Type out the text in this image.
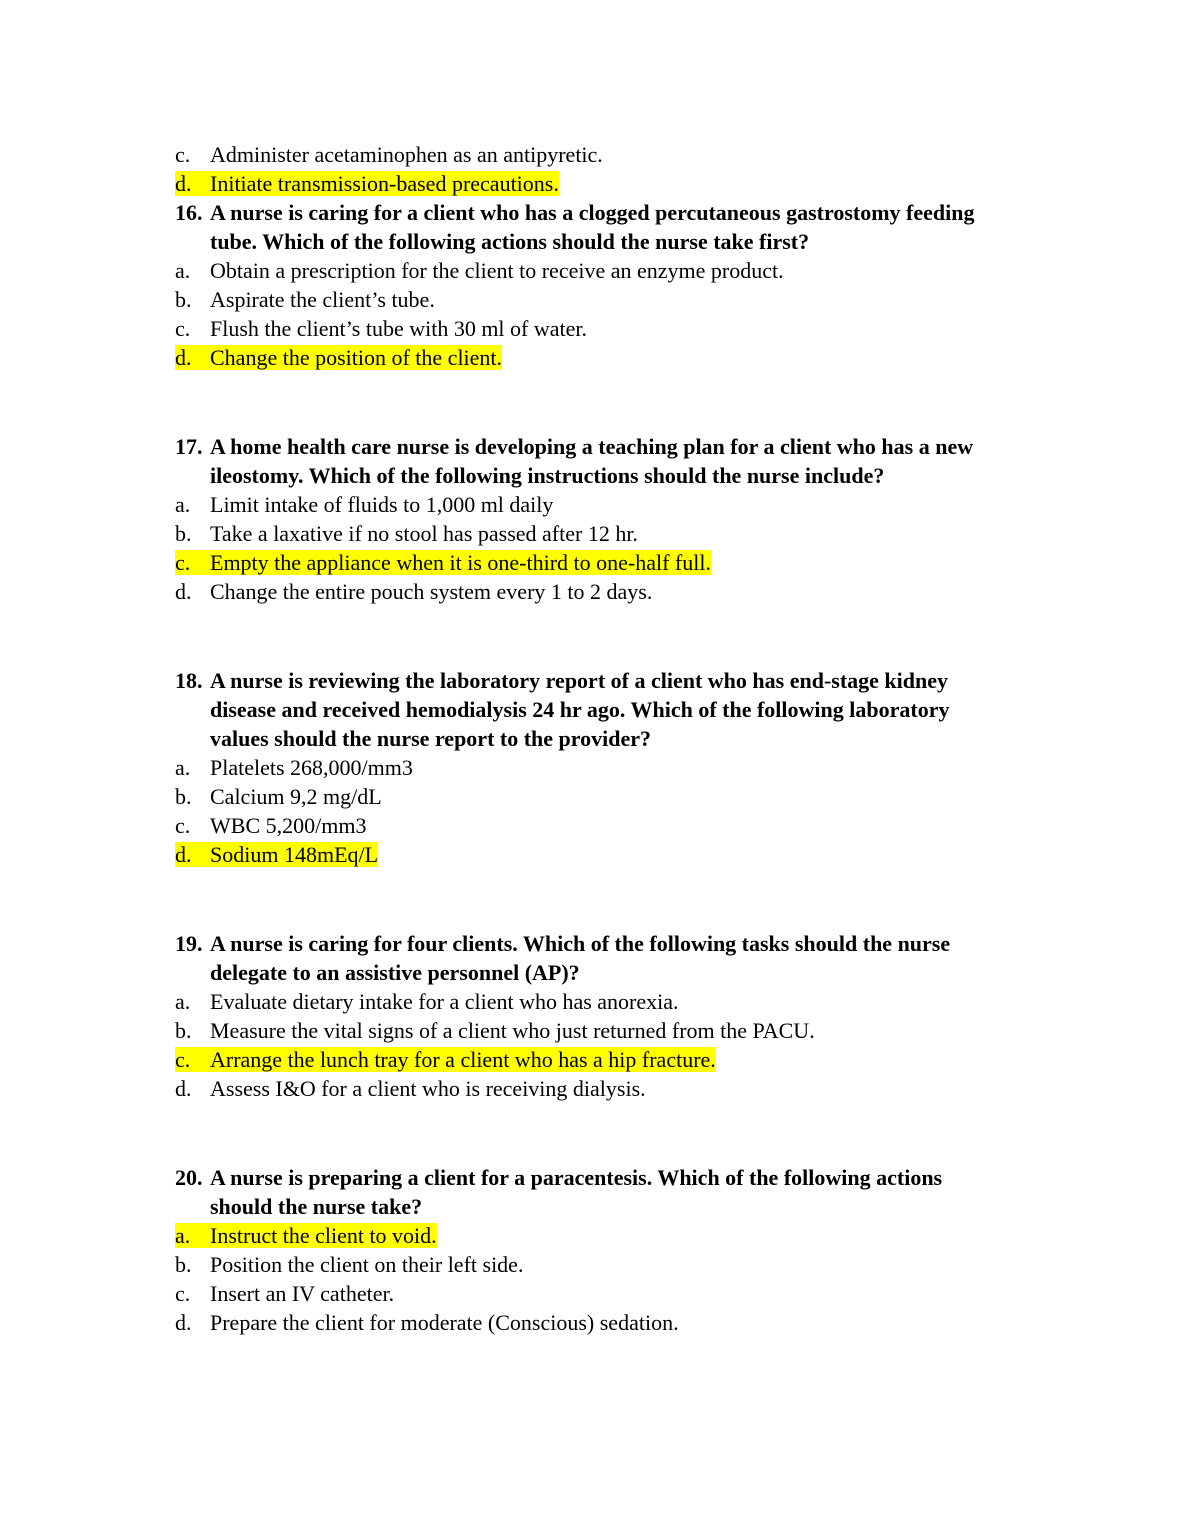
c. Administer acetaminophen as an antipyretic.
d. Initiate transmission-based precautions.
16. A nurse is caring for a client who has a clogged percutaneous gastrostomy feeding
tube. Which of the following actions should the nurse take first?
a. Obtain a prescription for the client to receive an enzyme product.
b. Aspirate the client’s tube.
c. Flush the client’s tube with 30 ml of water.
d. Change the position of the client.
17. A home health care nurse is developing a teaching plan for a client who has a new
ileostomy. Which of the following instructions should the nurse include?
a. Limit intake of fluids to 1,000 ml daily
b. Take a laxative if no stool has passed after 12 hr.
c. Empty the appliance when it is one-third to one-half full.
d. Change the entire pouch system every 1 to 2 days.
18. A nurse is reviewing the laboratory report of a client who has end-stage kidney
disease and received hemodialysis 24 hr ago. Which of the following laboratory
values should the nurse report to the provider?
a. Platelets 268,000/mm3
b. Calcium 9,2 mg/dL
c. WBC 5,200/mm3
d. Sodium 148mEq/L
19. A nurse is caring for four clients. Which of the following tasks should the nurse
delegate to an assistive personnel (AP)?
a. Evaluate dietary intake for a client who has anorexia.
b. Measure the vital signs of a client who just returned from the PACU.
c. Arrange the lunch tray for a client who has a hip fracture.
d. Assess I&O for a client who is receiving dialysis.
20. A nurse is preparing a client for a paracentesis. Which of the following actions
should the nurse take?
a. Instruct the client to void.
b. Position the client on their left side.
c. Insert an IV catheter.
d. Prepare the client for moderate (Conscious) sedation.
